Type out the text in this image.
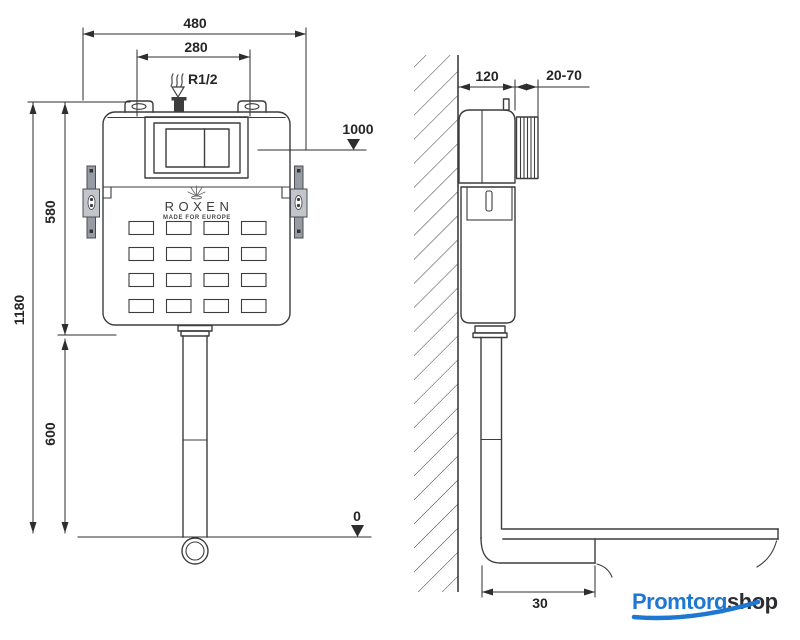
480
280
R1/2
ROXEN
MADE FOR EUROPE
1180
580
600
1000
0
120	20-70
30	Promtorgshop
